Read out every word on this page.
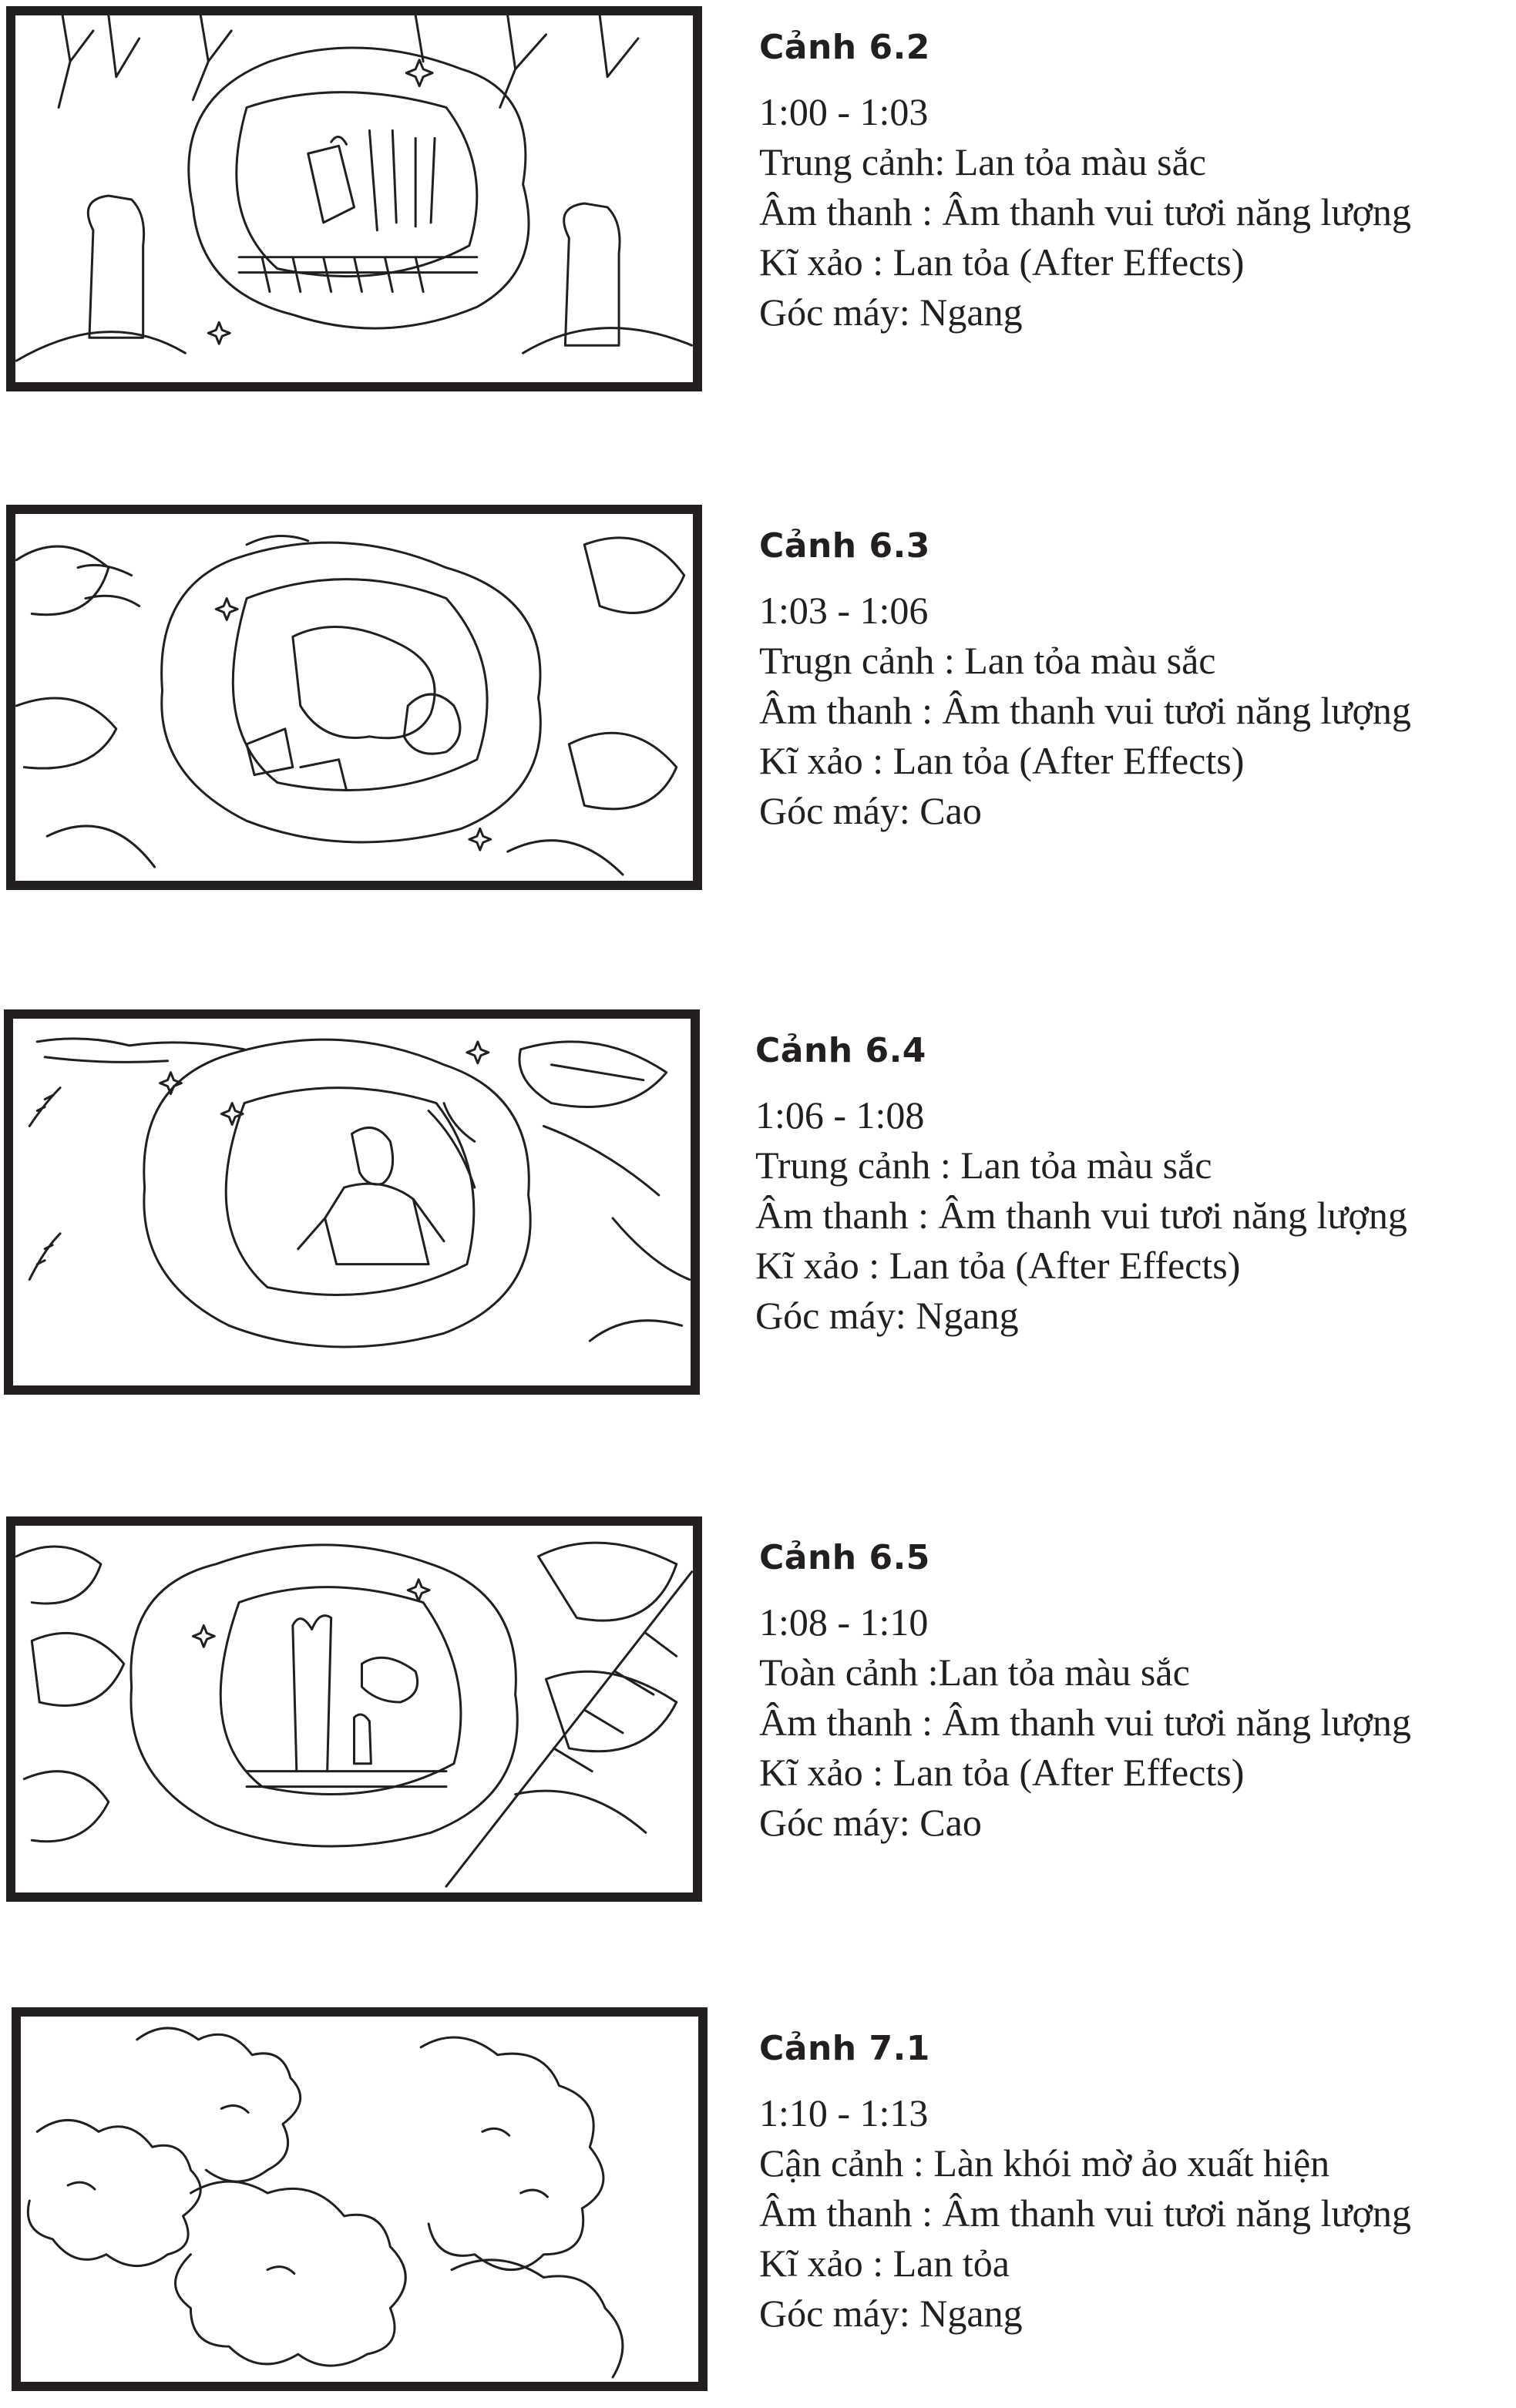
Cảnh 6.2
1:00 - 1:03
Trung cảnh: Lan tỏa màu sắc
Âm thanh : Âm thanh vui tươi năng lượng
Kĩ xảo : Lan tỏa (After Effects)
Góc máy: Ngang
Cảnh 6.3
1:03 - 1:06
Trugn cảnh : Lan tỏa màu sắc
Âm thanh : Âm thanh vui tươi năng lượng
Kĩ xảo : Lan tỏa (After Effects)
Góc máy: Cao
Cảnh 6.4
1:06 - 1:08
Trung cảnh : Lan tỏa màu sắc
Âm thanh : Âm thanh vui tươi năng lượng
Kĩ xảo : Lan tỏa (After Effects)
Góc máy: Ngang
Cảnh 6.5
1:08 - 1:10
Toàn cảnh :Lan tỏa màu sắc
Âm thanh : Âm thanh vui tươi năng lượng
Kĩ xảo : Lan tỏa (After Effects)
Góc máy: Cao
Cảnh 7.1
1:10 - 1:13
Cận cảnh : Làn khói mờ ảo xuất hiện
Âm thanh : Âm thanh vui tươi năng lượng
Kĩ xảo : Lan tỏa
Góc máy: Ngang
